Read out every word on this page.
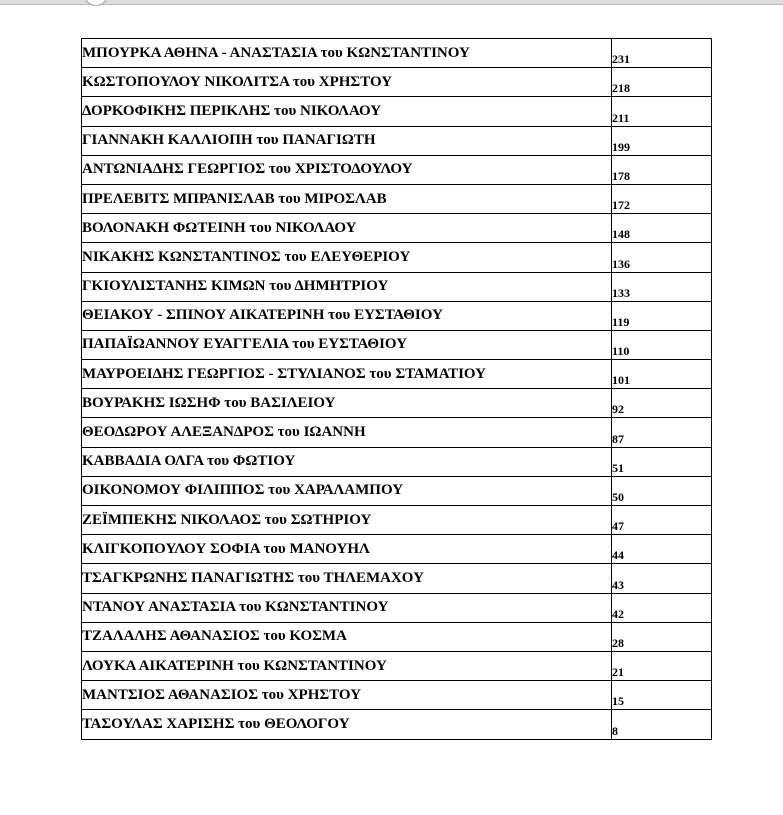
ΜΠΟΥΡΚΑ ΑΘΗΝΑ - ΑΝΑΣΤΑΣΙΑ του ΚΩΝΣΤΑΝΤΙΝΟΥ	231
ΚΩΣΤΟΠΟΥΛΟΥ ΝΙΚΟΛΙΤΣΑ του ΧΡΗΣΤΟΥ	218
ΔΟΡΚΟΦΙΚΗΣ ΠΕΡΙΚΛΗΣ του ΝΙΚΟΛΑΟΥ	211
ΓΙΑΝΝΑΚΗ ΚΑΛΛΙΟΠΗ του ΠΑΝΑΓΙΩΤΗ	199
ΑΝΤΩΝΙΑΔΗΣ ΓΕΩΡΓΙΟΣ του ΧΡΙΣΤΟΔΟΥΛΟΥ	178
ΠΡΕΛΕΒΙΤΣ ΜΠΡΑΝΙΣΛΑΒ του ΜΙΡΟΣΛΑΒ	172
ΒΟΛΟΝΑΚΗ ΦΩΤΕΙΝΗ του ΝΙΚΟΛΑΟΥ	148
ΝΙΚΑΚΗΣ ΚΩΝΣΤΑΝΤΙΝΟΣ του ΕΛΕΥΘΕΡΙΟΥ	136
ΓΚΙΟΥΛΙΣΤΑΝΗΣ ΚΙΜΩΝ του ΔΗΜΗΤΡΙΟΥ	133
ΘΕΙΑΚΟΥ - ΣΠΙΝΟΥ ΑΙΚΑΤΕΡΙΝΗ του ΕΥΣΤΑΘΙΟΥ	119
ΠΑΠΑΪΩΑΝΝΟΥ ΕΥΑΓΓΕΛΙΑ του ΕΥΣΤΑΘΙΟΥ	110
ΜΑΥΡΟΕΙΔΗΣ ΓΕΩΡΓΙΟΣ - ΣΤΥΛΙΑΝΟΣ του ΣΤΑΜΑΤΙΟΥ	101
ΒΟΥΡΑΚΗΣ ΙΩΣΗΦ του ΒΑΣΙΛΕΙΟΥ	92
ΘΕΟΔΩΡΟΥ ΑΛΕΞΑΝΔΡΟΣ του ΙΩΑΝΝΗ	87
ΚΑΒΒΑΔΙΑ ΟΛΓΑ του ΦΩΤΙΟΥ	51
ΟΙΚΟΝΟΜΟΥ ΦΙΛΙΠΠΟΣ του ΧΑΡΑΛΑΜΠΟΥ	50
ΖΕΪΜΠΕΚΗΣ ΝΙΚΟΛΑΟΣ του ΣΩΤΗΡΙΟΥ	47
ΚΛΙΓΚΟΠΟΥΛΟΥ ΣΟΦΙΑ του ΜΑΝΟΥΗΛ	44
ΤΣΑΓΚΡΩΝΗΣ ΠΑΝΑΓΙΩΤΗΣ του ΤΗΛΕΜΑΧΟΥ	43
ΝΤΑΝΟΥ ΑΝΑΣΤΑΣΙΑ του ΚΩΝΣΤΑΝΤΙΝΟΥ	42
ΤΖΑΛΑΛΗΣ ΑΘΑΝΑΣΙΟΣ του ΚΟΣΜΑ	28
ΛΟΥΚΑ ΑΙΚΑΤΕΡΙΝΗ του ΚΩΝΣΤΑΝΤΙΝΟΥ	21
ΜΑΝΤΣΙΟΣ ΑΘΑΝΑΣΙΟΣ του ΧΡΗΣΤΟΥ	15
ΤΑΣΟΥΛΑΣ ΧΑΡΙΣΗΣ του ΘΕΟΛΟΓΟΥ	8
